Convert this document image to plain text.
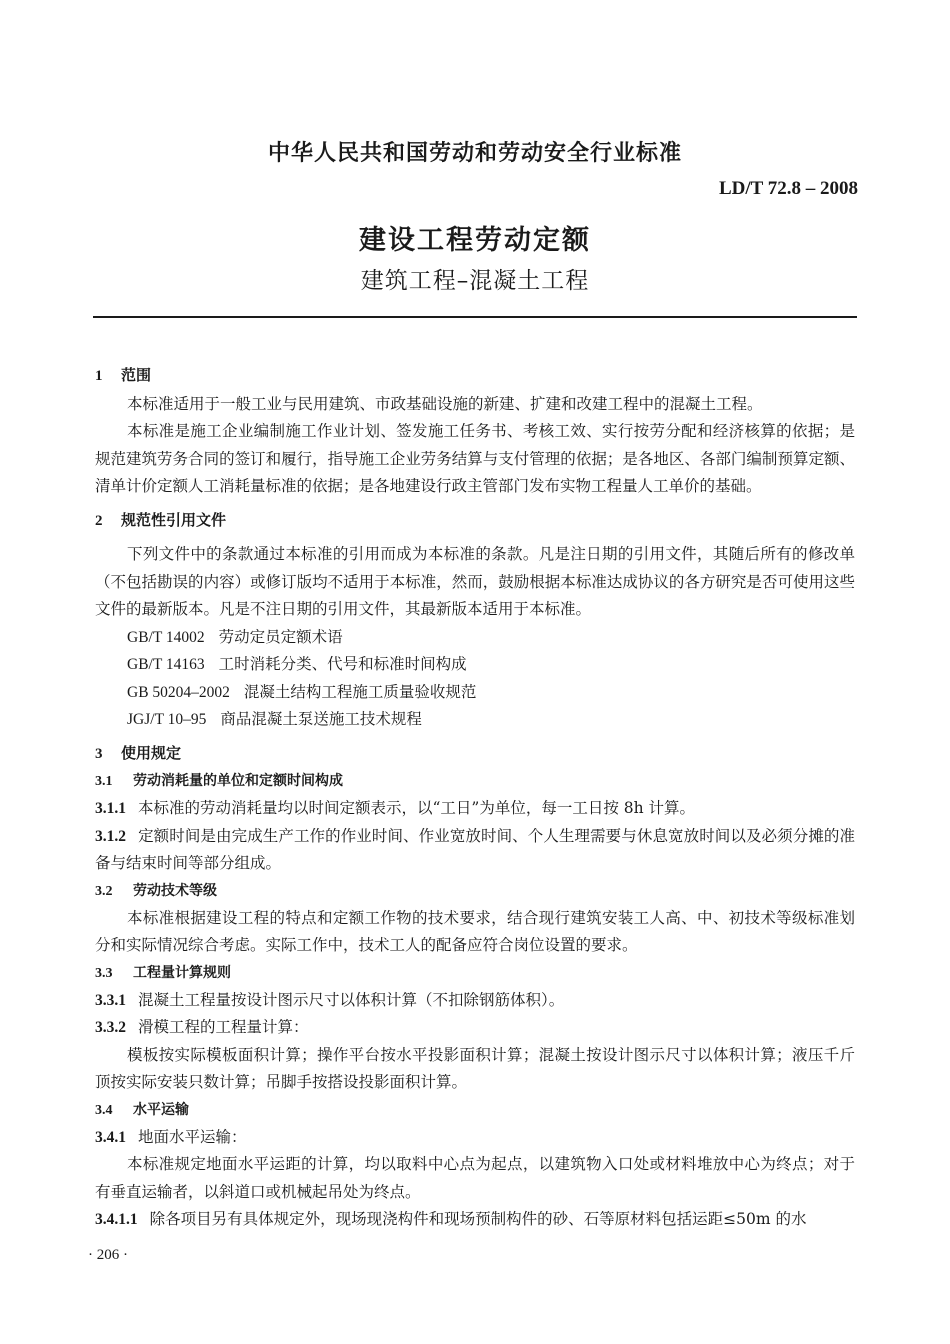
中华人民共和国劳动和劳动安全行业标准
LD/T 72.8 – 2008
建设工程劳动定额
建筑工程–混凝土工程
1 范围

本标准适用于一般工业与民用建筑、市政基础设施的新建、扩建和改建工程中的混凝土工程。

本标准是施工企业编制施工作业计划、签发施工任务书、考核工效、实行按劳分配和经济核算的依据；是规范建筑劳务合同的签订和履行，指导施工企业劳务结算与支付管理的依据；是各地区、各部门编制预算定额、清单计价定额人工消耗量标准的依据；是各地建设行政主管部门发布实物工程量人工单价的基础。

2 规范性引用文件

下列文件中的条款通过本标准的引用而成为本标准的条款。凡是注日期的引用文件，其随后所有的修改单（不包括勘误的内容）或修订版均不适用于本标准，然而，鼓励根据本标准达成协议的各方研究是否可使用这些文件的最新版本。凡是不注日期的引用文件，其最新版本适用于本标准。

GB/T 14002 劳动定员定额术语
GB/T 14163 工时消耗分类、代号和标准时间构成
GB 50204–2002 混凝土结构工程施工质量验收规范
JGJ/T 10–95 商品混凝土泵送施工技术规程
3 使用规定
3.1 劳动消耗量的单位和定额时间构成

3.1.1 本标准的劳动消耗量均以时间定额表示，以“工日”为单位，每一工日按 8h 计算。

3.1.2 定额时间是由完成生产工作的作业时间、作业宽放时间、个人生理需要与休息宽放时间以及必须分摊的准备与结束时间等部分组成。

3.2 劳动技术等级

本标准根据建设工程的特点和定额工作物的技术要求，结合现行建筑安装工人高、中、初技术等级标准划分和实际情况综合考虑。实际工作中，技术工人的配备应符合岗位设置的要求。

3.3 工程量计算规则

3.3.1 混凝土工程量按设计图示尺寸以体积计算（不扣除钢筋体积）。

3.3.2 滑模工程的工程量计算：

模板按实际模板面积计算；操作平台按水平投影面积计算；混凝土按设计图示尺寸以体积计算；液压千斤顶按实际安装只数计算；吊脚手按搭设投影面积计算。

3.4 水平运输

3.4.1 地面水平运输：

本标准规定地面水平运距的计算，均以取料中心点为起点，以建筑物入口处或材料堆放中心为终点；对于有垂直运输者，以斜道口或机械起吊处为终点。

3.4.1.1 除各项目另有具体规定外，现场现浇构件和现场预制构件的砂、石等原材料包括运距≤50m 的水

· 206 ·
